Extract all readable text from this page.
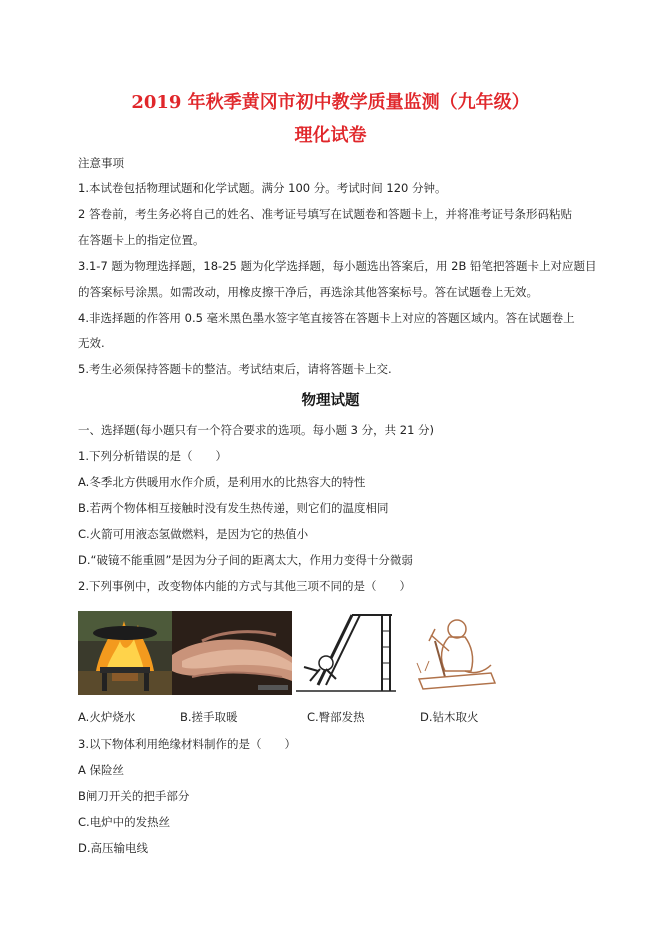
2019 年秋季黄冈市初中教学质量监测（九年级）
理化试卷
注意事项
1.本试卷包括物理试题和化学试题。满分 100 分。考试时间 120 分钟。
2 答卷前，考生务必将自己的姓名、准考证号填写在试题卷和答题卡上，并将准考证号条形码粘贴
在答题卡上的指定位置。
3.1-7 题为物理选择题，18-25 题为化学选择题，每小题选出答案后，用 2B 铅笔把答题卡上对应题目
的答案标号涂黑。如需改动，用橡皮擦干净后，再选涂其他答案标号。答在试题卷上无效。
4.非选择题的作答用 0.5 毫米黑色墨水签字笔直接答在答题卡上对应的答题区域内。答在试题卷上
无效.
5.考生必须保持答题卡的整洁。考试结束后，请将答题卡上交.
物理试题
一、选择题(每小题只有一个符合要求的选项。每小题 3 分，共 21 分)
1.下列分析错误的是（　　）
A.冬季北方供暖用水作介质，是利用水的比热容大的特性
B.若两个物体相互接触时没有发生热传递，则它们的温度相同
C.火箭可用液态氢做燃料，是因为它的热值小
D.“破镜不能重圆”是因为分子间的距离太大，作用力变得十分微弱
2.下列事例中，改变物体内能的方式与其他三项不同的是（　　）
A.火炉烧水	B.搓手取暖	C.臀部发热	D.钻木取火
3.以下物体利用绝缘材料制作的是（　　）
A 保险丝
B闸刀开关的把手部分
C.电炉中的发热丝
D.高压输电线
